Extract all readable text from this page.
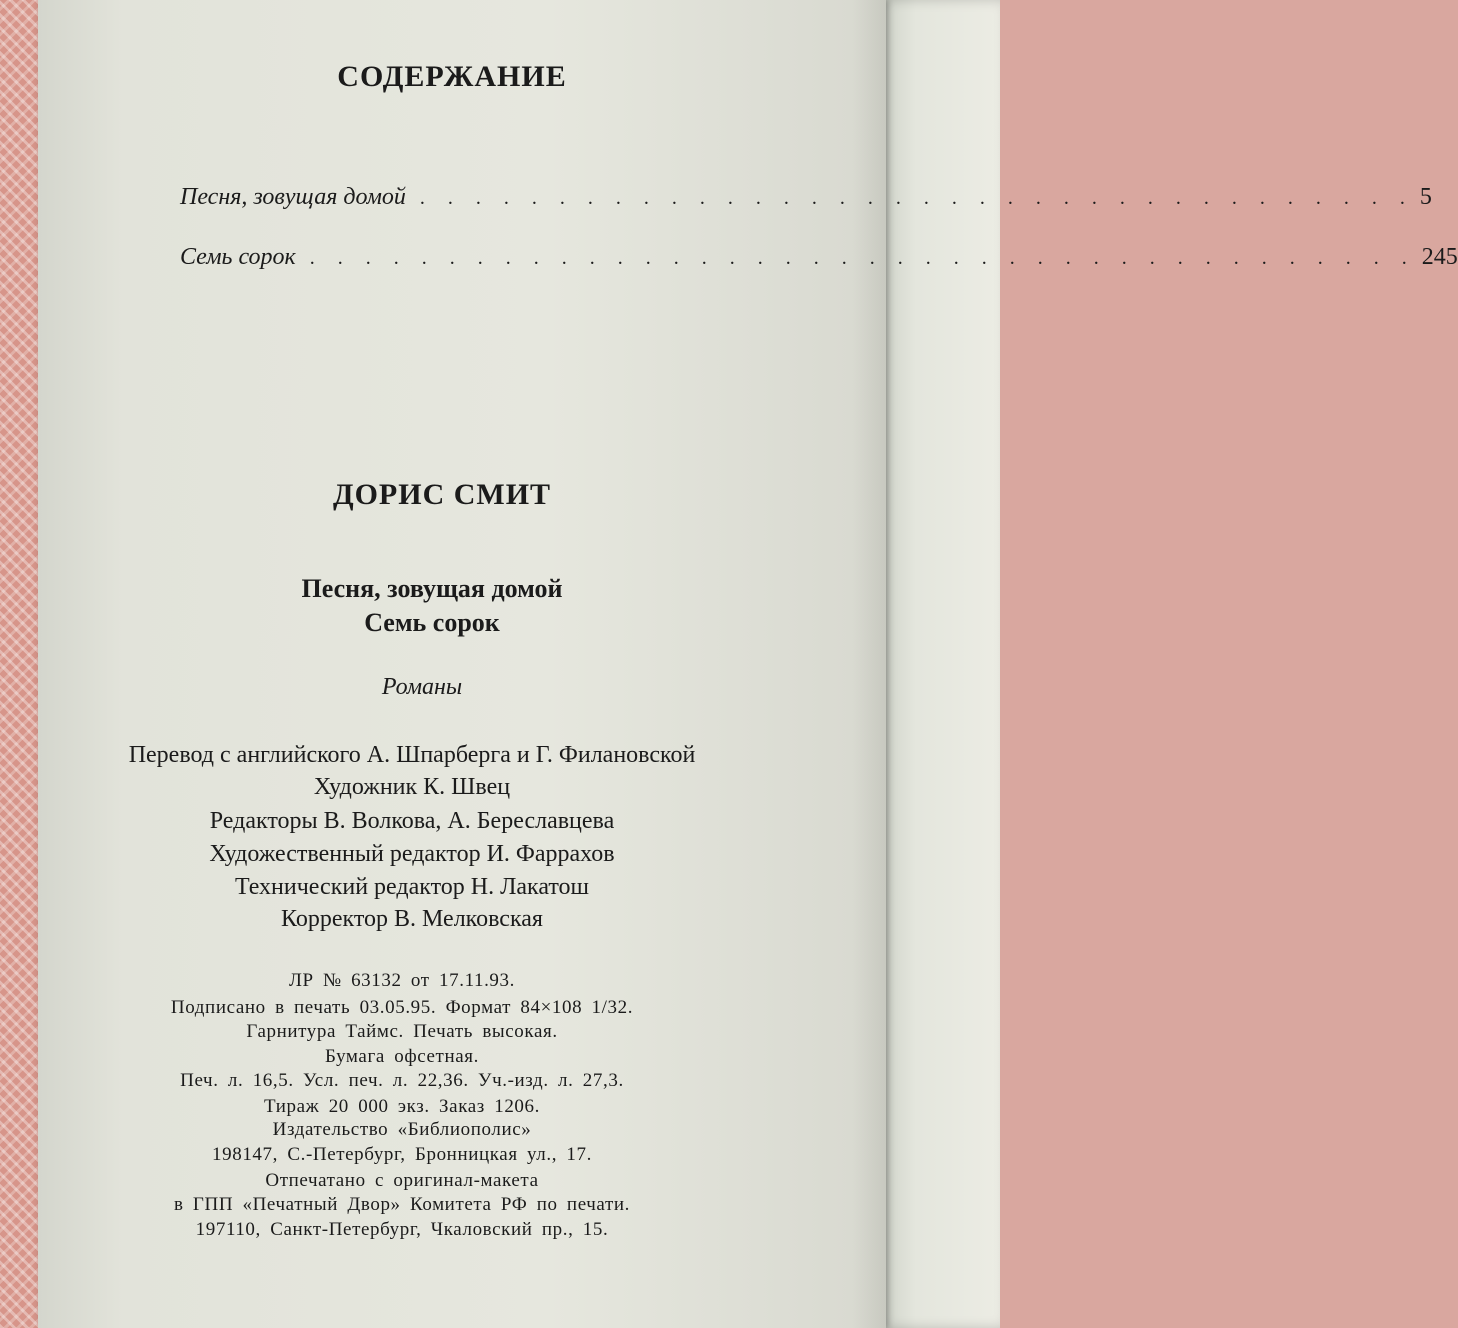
СОДЕРЖАНИЕ
Песня, зовущая домой . . . . . . . . . . . . . . . . . . . . . . . . . . . . . . . . . . . . 5
Семь сорок . . . . . . . . . . . . . . . . . . . . . . . . . . . . . . . . . . . . . . . . 245
ДОРИС СМИТ
Песня, зовущая домой
Семь сорок
Романы
Перевод с английского А. Шпарберга и Г. Филановской
Художник К. Швец
Редакторы В. Волкова, А. Береславцева
Художественный редактор И. Фаррахов
Технический редактор Н. Лакатош
Корректор В. Мелковская
ЛР № 63132 от 17.11.93.
Подписано в печать 03.05.95. Формат 84×108 1/32.
Гарнитура Таймс. Печать высокая.
Бумага офсетная.
Печ. л. 16,5. Усл. печ. л. 22,36. Уч.-изд. л. 27,3.
Тираж 20 000 экз. Заказ 1206.
Издательство «Библиополис»
198147, С.-Петербург, Бронницкая ул., 17.
Отпечатано с оригинал-макета
в ГПП «Печатный Двор» Комитета РФ по печати.
197110, Санкт-Петербург, Чкаловский пр., 15.
